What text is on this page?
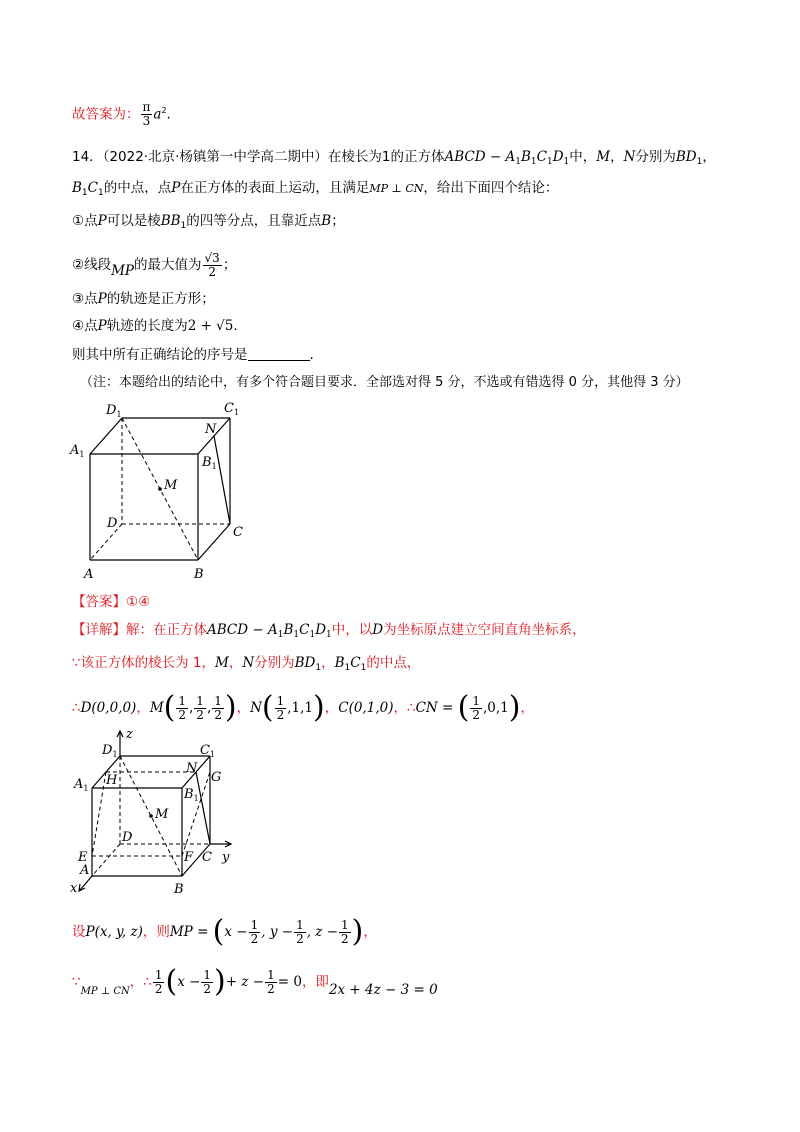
故答案为： $\frac{\pi}{3} a^2$.
14．（2022·北京·杨镇第一中学高二期中）在棱长为1的正方体ABCD − $A_1B_1C_1D_1$中，M，N分别为$BD_1$，
$B_1C_1$的中点，点P在正方体的表面上运动，且满足MP ⊥ CN，给出下面四个结论：
①点P可以是棱$BB_1$的四等分点，且靠近点B；
②线段MP的最大值为 $\frac{√3}{2}$ ；
③点P的轨迹是正方形；
④点P轨迹的长度为2 + √5.
则其中所有正确结论的序号是	.
（注：本题给出的结论中，有多个符合题目要求．全部选对得 5 分，不选或有错选得 0 分，其他得 3 分）
$A_1$
$D_1$	$C_1$
$B_1$
N
M
D
C
A	B
【答案】①④
【详解】解：在正方体ABCD − $A_1B_1C_1D_1$中，以D为坐标原点建立空间直角坐标系，
∵该正方体的棱长为 1，M，N分别为$BD_1$，$B_1C_1$的中点，
∴D(0,0,0)，$M( \frac{1}{2}$ , $\frac{1}{2}$ , $\frac{1}{2}$ )，$N( \frac{1}{2} ,1,1)$，C(0,1,0)，∴CN = ( $\frac{1}{2} ,0,1$)，
z
$D_1$	$C_1$
$A_1$
H
N
G
$B_1$
M
D
E	F C y
A
x	B
设P(x, y, z)，则MP = ($x - \frac{1}{2}$ , $y - \frac{1}{2}$ , $z - \frac{1}{2}$ )，
$\because_{MP \perp CN}$，∴ $\frac{1}{2} (x - \frac{1}{2}$ )+ $z - \frac{1}{2} = 0$，即2x + 4z − 3 = 0
